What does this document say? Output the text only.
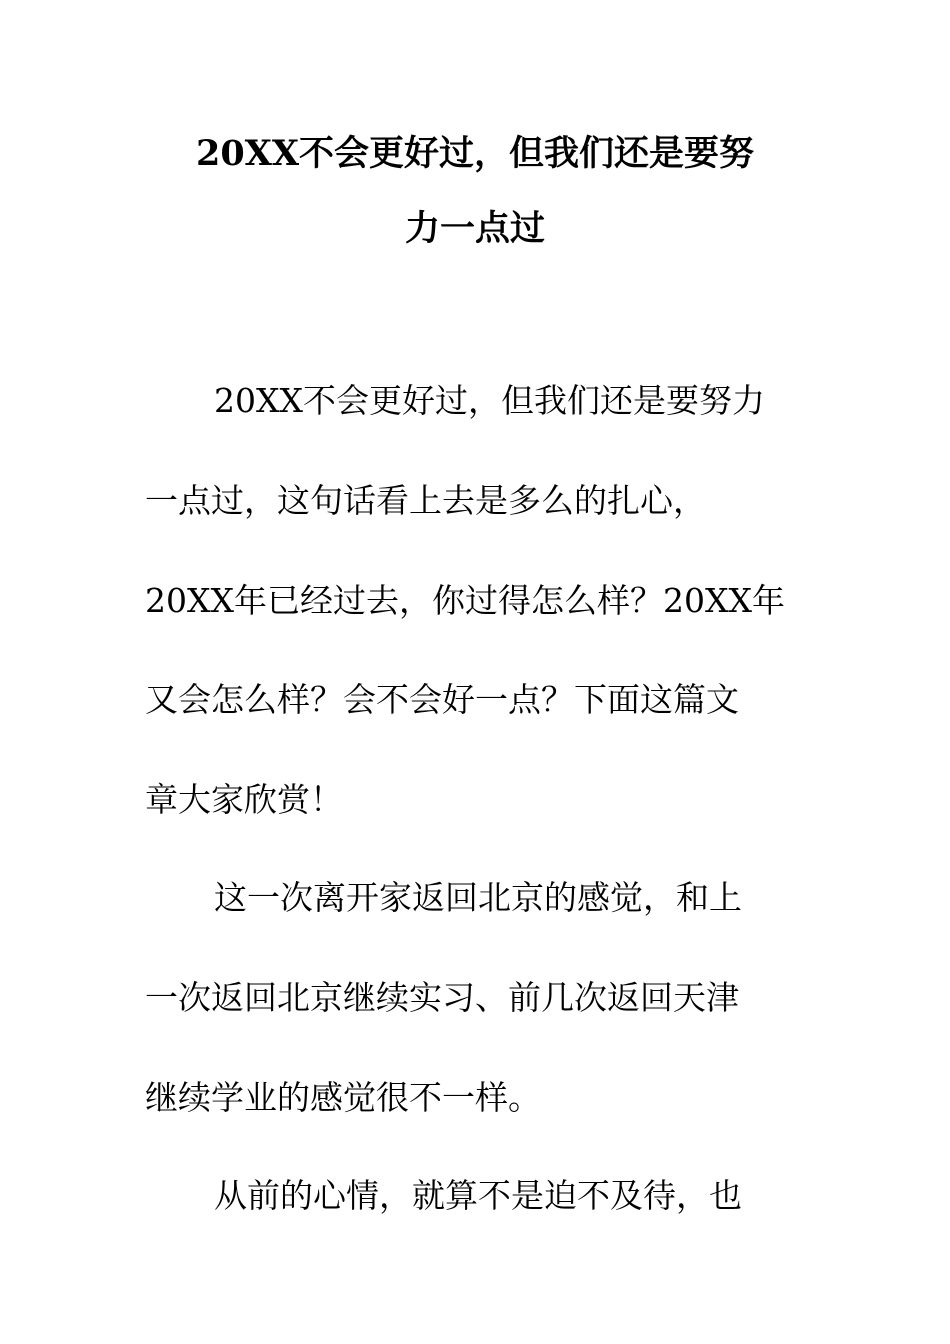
20XX不会更好过，但我们还是要努
力一点过
20XX不会更好过，但我们还是要努力
一点过，这句话看上去是多么的扎心，
20XX年已经过去，你过得怎么样？20XX年
又会怎么样？会不会好一点？下面这篇文
章大家欣赏！
这一次离开家返回北京的感觉，和上
一次返回北京继续实习、前几次返回天津
继续学业的感觉很不一样。
从前的心情，就算不是迫不及待，也
